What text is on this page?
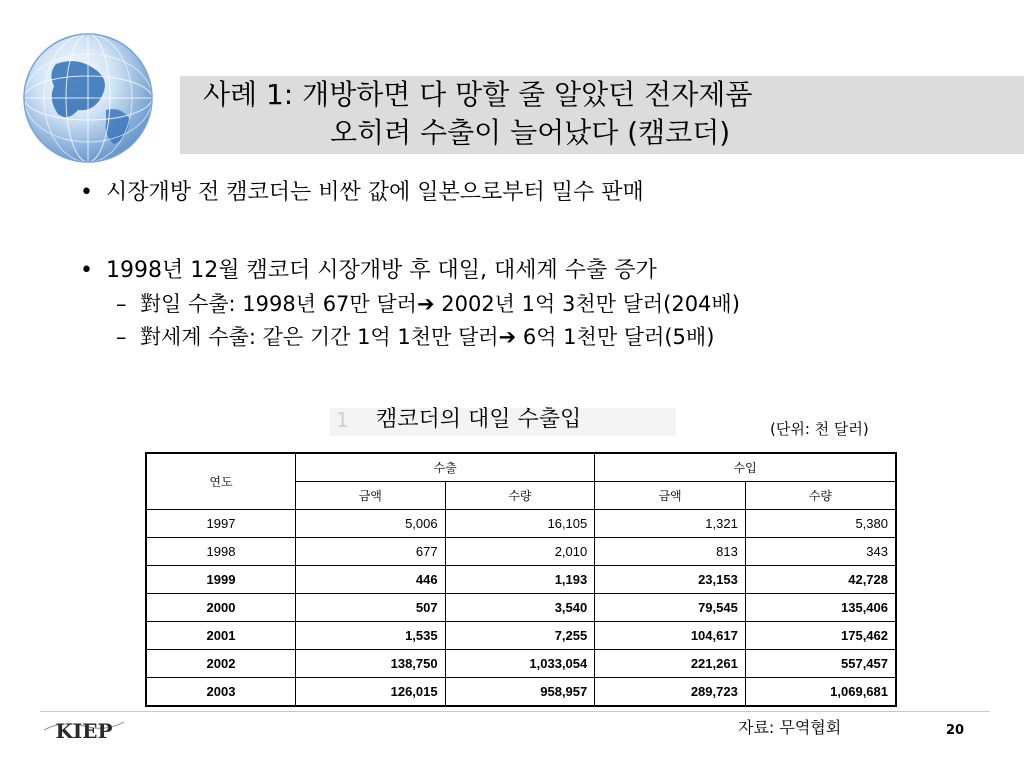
사례 1: 개방하면 다 망할 줄 알았던 전자제품
오히려 수출이 늘어났다 (캠코더)
• 시장개방 전 캠코더는 비싼 값에 일본으로부터 밀수 판매
• 1998년 12월 캠코더 시장개방 후 대일, 대세계 수출 증가
– 對일 수출: 1998년 67만 달러➔ 2002년 1억 3천만 달러(204배)
– 對세계 수출: 같은 기간 1억 1천만 달러➔ 6억 1천만 달러(5배)
1 캠코더의 대일 수출입	(단위: 천 달러)
연도	수출		수입	
	금액	수량	금액	수량
1997	5,006	16,105	1,321	5,380
1998	677	2,010	813	343
1999	446	1,193	23,153	42,728
2000	507	3,540	79,545	135,406
2001	1,535	7,255	104,617	175,462
2002	138,750	1,033,054	221,261	557,457
2003	126,015	958,957	289,723	1,069,681
KIEP	자료: 무역협회	20
